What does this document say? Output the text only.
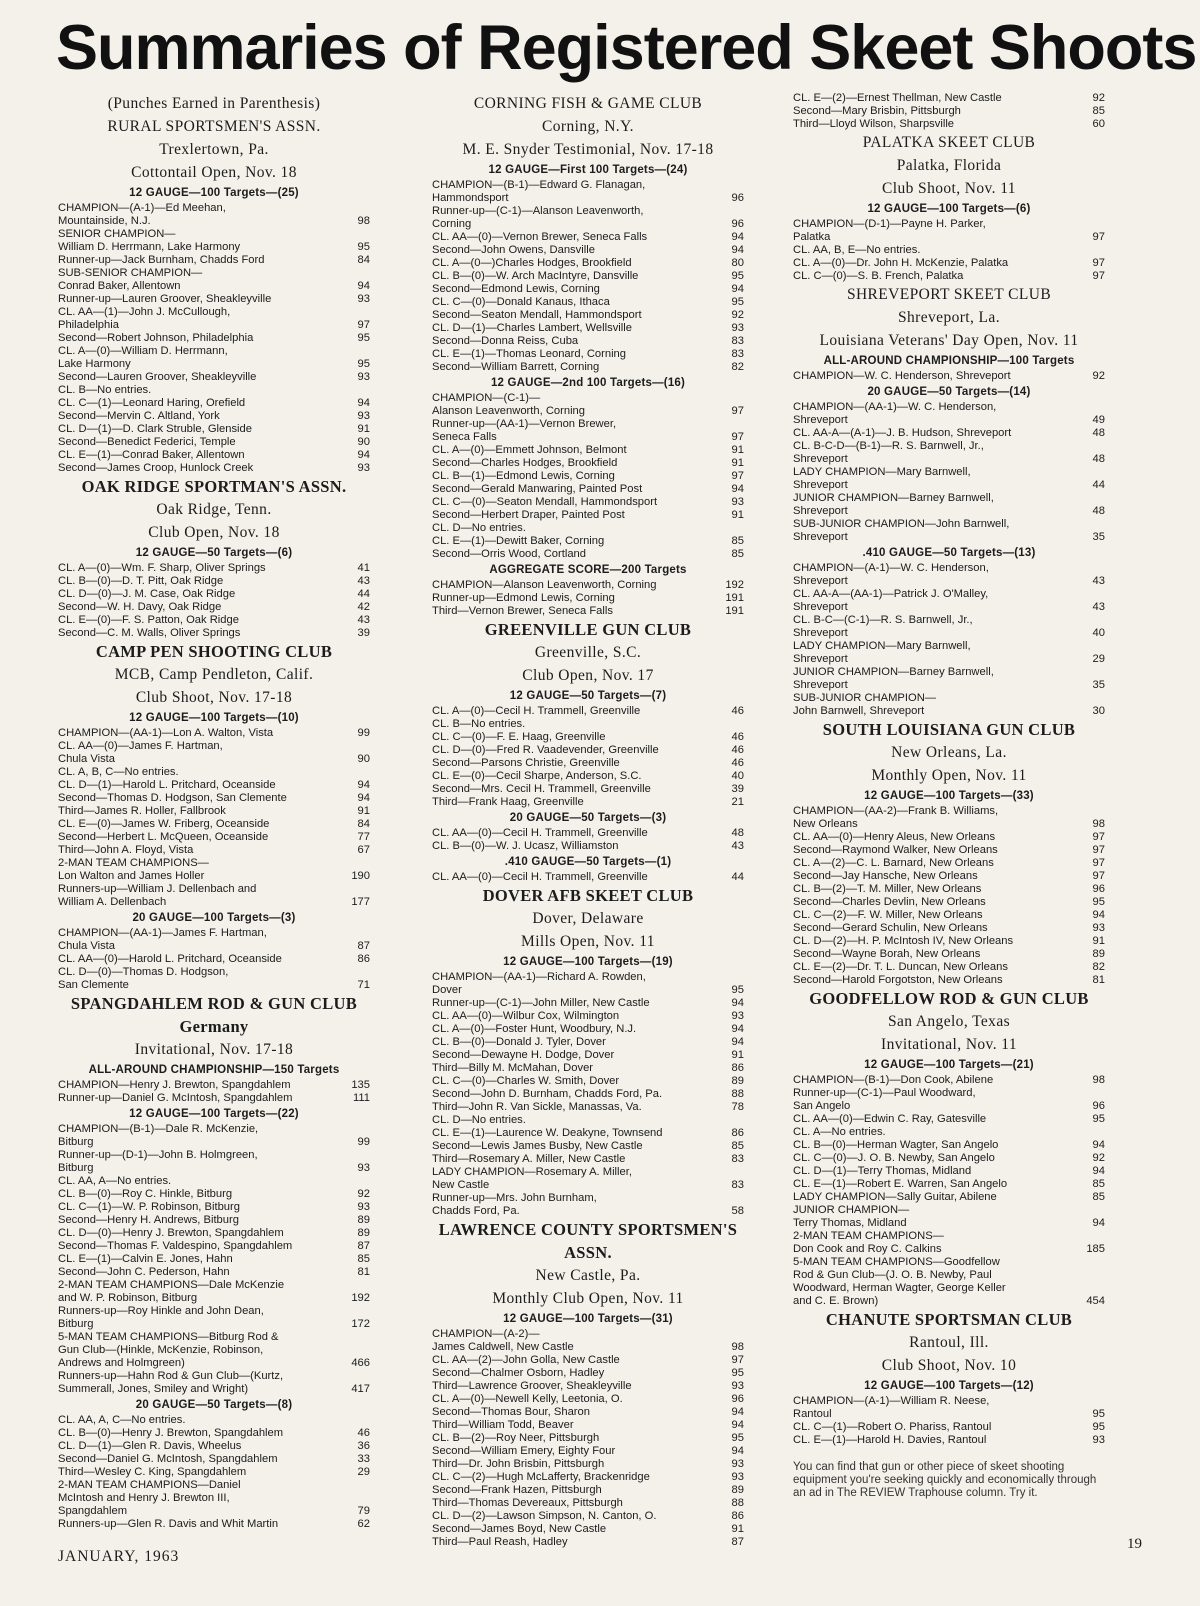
Summaries of Registered Skeet Shoots
(Punches Earned in Parenthesis)
RURAL SPORTSMEN'S ASSN.
Trexlertown, Pa.
Cottontail Open, Nov. 18
12 GAUGE—100 Targets—(25)
CHAMPION—(A-1)—Ed Meehan,
Mountainside, N.J.	98
SENIOR CHAMPION—
William D. Herrmann, Lake Harmony	95
Runner-up—Jack Burnham, Chadds Ford	84
SUB-SENIOR CHAMPION—
Conrad Baker, Allentown	94
Runner-up—Lauren Groover, Sheakleyville	93
CL. AA—(1)—John J. McCullough,
Philadelphia	97
Second—Robert Johnson, Philadelphia	95
CL. A—(0)—William D. Herrmann,
Lake Harmony	95
Second—Lauren Groover, Sheakleyville	93
CL. B—No entries.
CL. C—(1)—Leonard Haring, Orefield	94
Second—Mervin C. Altland, York	93
CL. D—(1)—D. Clark Struble, Glenside	91
Second—Benedict Federici, Temple	90
CL. E—(1)—Conrad Baker, Allentown	94
Second—James Croop, Hunlock Creek	93
OAK RIDGE SPORTMAN'S ASSN.
Oak Ridge, Tenn.
Club Open, Nov. 18
12 GAUGE—50 Targets—(6)
CL. A—(0)—Wm. F. Sharp, Oliver Springs	41
CL. B—(0)—D. T. Pitt, Oak Ridge	43
CL. D—(0)—J. M. Case, Oak Ridge	44
Second—W. H. Davy, Oak Ridge	42
CL. E—(0)—F. S. Patton, Oak Ridge	43
Second—C. M. Walls, Oliver Springs	39
CAMP PEN SHOOTING CLUB
MCB, Camp Pendleton, Calif.
Club Shoot, Nov. 17-18
12 GAUGE—100 Targets—(10)
CHAMPION—(AA-1)—Lon A. Walton, Vista	99
CL. AA—(0)—James F. Hartman,
Chula Vista	90
CL. A, B, C—No entries.
CL. D—(1)—Harold L. Pritchard, Oceanside	94
Second—Thomas D. Hodgson, San Clemente	94
Third—James R. Holler, Fallbrook	91
CL. E—(0)—James W. Friberg, Oceanside	84
Second—Herbert L. McQueen, Oceanside	77
Third—John A. Floyd, Vista	67
2-MAN TEAM CHAMPIONS—
Lon Walton and James Holler	190
Runners-up—William J. Dellenbach and
William A. Dellenbach	177
20 GAUGE—100 Targets—(3)
CHAMPION—(AA-1)—James F. Hartman,
Chula Vista	87
CL. AA—(0)—Harold L. Pritchard, Oceanside	86
CL. D—(0)—Thomas D. Hodgson,
San Clemente	71
SPANGDAHLEM ROD & GUN CLUB
Germany
Invitational, Nov. 17-18
ALL-AROUND CHAMPIONSHIP—150 Targets
CHAMPION—Henry J. Brewton, Spangdahlem	135
Runner-up—Daniel G. McIntosh, Spangdahlem	111
12 GAUGE—100 Targets—(22)
CHAMPION—(B-1)—Dale R. McKenzie,
Bitburg	99
Runner-up—(D-1)—John B. Holmgreen,
Bitburg	93
CL. AA, A—No entries.
CL. B—(0)—Roy C. Hinkle, Bitburg	92
CL. C—(1)—W. P. Robinson, Bitburg	93
Second—Henry H. Andrews, Bitburg	89
CL. D—(0)—Henry J. Brewton, Spangdahlem	89
Second—Thomas F. Valdespino, Spangdahlem	87
CL. E—(1)—Calvin E. Jones, Hahn	85
Second—John C. Pederson, Hahn	81
2-MAN TEAM CHAMPIONS—Dale McKenzie
and W. P. Robinson, Bitburg	192
Runners-up—Roy Hinkle and John Dean,
Bitburg	172
5-MAN TEAM CHAMPIONS—Bitburg Rod &
Gun Club—(Hinkle, McKenzie, Robinson,
Andrews and Holmgreen)	466
Runners-up—Hahn Rod & Gun Club—(Kurtz,
Summerall, Jones, Smiley and Wright)	417
20 GAUGE—50 Targets—(8)
CL. AA, A, C—No entries.
CL. B—(0)—Henry J. Brewton, Spangdahlem	46
CL. D—(1)—Glen R. Davis, Wheelus	36
Second—Daniel G. McIntosh, Spangdahlem	33
Third—Wesley C. King, Spangdahlem	29
2-MAN TEAM CHAMPIONS—Daniel
McIntosh and Henry J. Brewton III,
Spangdahlem	79
Runners-up—Glen R. Davis and Whit Martin	62
CORNING FISH & GAME CLUB
Corning, N.Y.
M. E. Snyder Testimonial, Nov. 17-18
12 GAUGE—First 100 Targets—(24)
CHAMPION—(B-1)—Edward G. Flanagan,
Hammondsport	96
Runner-up—(C-1)—Alanson Leavenworth,
Corning	96
CL. AA—(0)—Vernon Brewer, Seneca Falls	94
Second—John Owens, Dansville	94
CL. A—(0—)Charles Hodges, Brookfield	80
CL. B—(0)—W. Arch MacIntyre, Dansville	95
Second—Edmond Lewis, Corning	94
CL. C—(0)—Donald Kanaus, Ithaca	95
Second—Seaton Mendall, Hammondsport	92
CL. D—(1)—Charles Lambert, Wellsville	93
Second—Donna Reiss, Cuba	83
CL. E—(1)—Thomas Leonard, Corning	83
Second—William Barrett, Corning	82
12 GAUGE—2nd 100 Targets—(16)
CHAMPION—(C-1)—
Alanson Leavenworth, Corning	97
Runner-up—(AA-1)—Vernon Brewer,
Seneca Falls	97
CL. A—(0)—Emmett Johnson, Belmont	91
Second—Charles Hodges, Brookfield	91
CL. B—(1)—Edmond Lewis, Corning	97
Second—Gerald Manwaring, Painted Post	94
CL. C—(0)—Seaton Mendall, Hammondsport	93
Second—Herbert Draper, Painted Post	91
CL. D—No entries.
CL. E—(1)—Dewitt Baker, Corning	85
Second—Orris Wood, Cortland	85
AGGREGATE SCORE—200 Targets
CHAMPION—Alanson Leavenworth, Corning	192
Runner-up—Edmond Lewis, Corning	191
Third—Vernon Brewer, Seneca Falls	191
GREENVILLE GUN CLUB
Greenville, S.C.
Club Open, Nov. 17
12 GAUGE—50 Targets—(7)
CL. A—(0)—Cecil H. Trammell, Greenville	46
CL. B—No entries.
CL. C—(0)—F. E. Haag, Greenville	46
CL. D—(0)—Fred R. Vaadevender, Greenville	46
Second—Parsons Christie, Greenville	46
CL. E—(0)—Cecil Sharpe, Anderson, S.C.	40
Second—Mrs. Cecil H. Trammell, Greenville	39
Third—Frank Haag, Greenville	21
20 GAUGE—50 Targets—(3)
CL. AA—(0)—Cecil H. Trammell, Greenville	48
CL. B—(0)—W. J. Ucasz, Williamston	43
.410 GAUGE—50 Targets—(1)
CL. AA—(0)—Cecil H. Trammell, Greenville	44
DOVER AFB SKEET CLUB
Dover, Delaware
Mills Open, Nov. 11
12 GAUGE—100 Targets—(19)
CHAMPION—(AA-1)—Richard A. Rowden,
Dover	95
Runner-up—(C-1)—John Miller, New Castle	94
CL. AA—(0)—Wilbur Cox, Wilmington	93
CL. A—(0)—Foster Hunt, Woodbury, N.J.	94
CL. B—(0)—Donald J. Tyler, Dover	94
Second—Dewayne H. Dodge, Dover	91
Third—Billy M. McMahan, Dover	86
CL. C—(0)—Charles W. Smith, Dover	89
Second—John D. Burnham, Chadds Ford, Pa.	88
Third—John R. Van Sickle, Manassas, Va.	78
CL. D—No entries.
CL. E—(1)—Laurence W. Deakyne, Townsend	86
Second—Lewis James Busby, New Castle	85
Third—Rosemary A. Miller, New Castle	83
LADY CHAMPION—Rosemary A. Miller,
New Castle	83
Runner-up—Mrs. John Burnham,
Chadds Ford, Pa.	58
LAWRENCE COUNTY SPORTSMEN'S
ASSN.
New Castle, Pa.
Monthly Club Open, Nov. 11
12 GAUGE—100 Targets—(31)
CHAMPION—(A-2)—
James Caldwell, New Castle	98
CL. AA—(2)—John Golla, New Castle	97
Second—Chalmer Osborn, Hadley	95
Third—Lawrence Groover, Sheakleyville	93
CL. A—(0)—Newell Kelly, Leetonia, O.	96
Second—Thomas Bour, Sharon	94
Third—William Todd, Beaver	94
CL. B—(2)—Roy Neer, Pittsburgh	95
Second—William Emery, Eighty Four	94
Third—Dr. John Brisbin, Pittsburgh	93
CL. C—(2)—Hugh McLafferty, Brackenridge	93
Second—Frank Hazen, Pittsburgh	89
Third—Thomas Devereaux, Pittsburgh	88
CL. D—(2)—Lawson Simpson, N. Canton, O.	86
Second—James Boyd, New Castle	91
Third—Paul Reash, Hadley	87
CL. E—(2)—Ernest Thellman, New Castle	92
Second—Mary Brisbin, Pittsburgh	85
Third—Lloyd Wilson, Sharpsville	60
PALATKA SKEET CLUB
Palatka, Florida
Club Shoot, Nov. 11
12 GAUGE—100 Targets—(6)
CHAMPION—(D-1)—Payne H. Parker,
Palatka	97
CL. AA, B, E—No entries.
CL. A—(0)—Dr. John H. McKenzie, Palatka	97
CL. C—(0)—S. B. French, Palatka	97
SHREVEPORT SKEET CLUB
Shreveport, La.
Louisiana Veterans' Day Open, Nov. 11
ALL-AROUND CHAMPIONSHIP—100 Targets
CHAMPION—W. C. Henderson, Shreveport	92
20 GAUGE—50 Targets—(14)
CHAMPION—(AA-1)—W. C. Henderson,
Shreveport	49
CL. AA-A—(A-1)—J. B. Hudson, Shreveport	48
CL. B-C-D—(B-1)—R. S. Barnwell, Jr.,
Shreveport	48
LADY CHAMPION—Mary Barnwell,
Shreveport	44
JUNIOR CHAMPION—Barney Barnwell,
Shreveport	48
SUB-JUNIOR CHAMPION—John Barnwell,
Shreveport	35
.410 GAUGE—50 Targets—(13)
CHAMPION—(A-1)—W. C. Henderson,
Shreveport	43
CL. AA-A—(AA-1)—Patrick J. O'Malley,
Shreveport	43
CL. B-C—(C-1)—R. S. Barnwell, Jr.,
Shreveport	40
LADY CHAMPION—Mary Barnwell,
Shreveport	29
JUNIOR CHAMPION—Barney Barnwell,
Shreveport	35
SUB-JUNIOR CHAMPION—
John Barnwell, Shreveport	30
SOUTH LOUISIANA GUN CLUB
New Orleans, La.
Monthly Open, Nov. 11
12 GAUGE—100 Targets—(33)
CHAMPION—(AA-2)—Frank B. Williams,
New Orleans	98
CL. AA—(0)—Henry Aleus, New Orleans	97
Second—Raymond Walker, New Orleans	97
CL. A—(2)—C. L. Barnard, New Orleans	97
Second—Jay Hansche, New Orleans	97
CL. B—(2)—T. M. Miller, New Orleans	96
Second—Charles Devlin, New Orleans	95
CL. C—(2)—F. W. Miller, New Orleans	94
Second—Gerard Schulin, New Orleans	93
CL. D—(2)—H. P. McIntosh IV, New Orleans	91
Second—Wayne Borah, New Orleans	89
CL. E—(2)—Dr. T. L. Duncan, New Orleans	82
Second—Harold Forgotston, New Orleans	81
GOODFELLOW ROD & GUN CLUB
San Angelo, Texas
Invitational, Nov. 11
12 GAUGE—100 Targets—(21)
CHAMPION—(B-1)—Don Cook, Abilene	98
Runner-up—(C-1)—Paul Woodward,
San Angelo	96
CL. AA—(0)—Edwin C. Ray, Gatesville	95
CL. A—No entries.
CL. B—(0)—Herman Wagter, San Angelo	94
CL. C—(0)—J. O. B. Newby, San Angelo	92
CL. D—(1)—Terry Thomas, Midland	94
CL. E—(1)—Robert E. Warren, San Angelo	85
LADY CHAMPION—Sally Guitar, Abilene	85
JUNIOR CHAMPION—
Terry Thomas, Midland	94
2-MAN TEAM CHAMPIONS—
Don Cook and Roy C. Calkins	185
5-MAN TEAM CHAMPIONS—Goodfellow
Rod & Gun Club—(J. O. B. Newby, Paul
Woodward, Herman Wagter, George Keller
and C. E. Brown)	454
CHANUTE SPORTSMAN CLUB
Rantoul, Ill.
Club Shoot, Nov. 10
12 GAUGE—100 Targets—(12)
CHAMPION—(A-1)—William R. Neese,
Rantoul	95
CL. C—(1)—Robert O. Phariss, Rantoul	95
CL. E—(1)—Harold H. Davies, Rantoul	93
You can find that gun or other piece of skeet shooting equipment you're seeking quickly and economically through an ad in The REVIEW Traphouse column. Try it.
JANUARY, 1963
19
